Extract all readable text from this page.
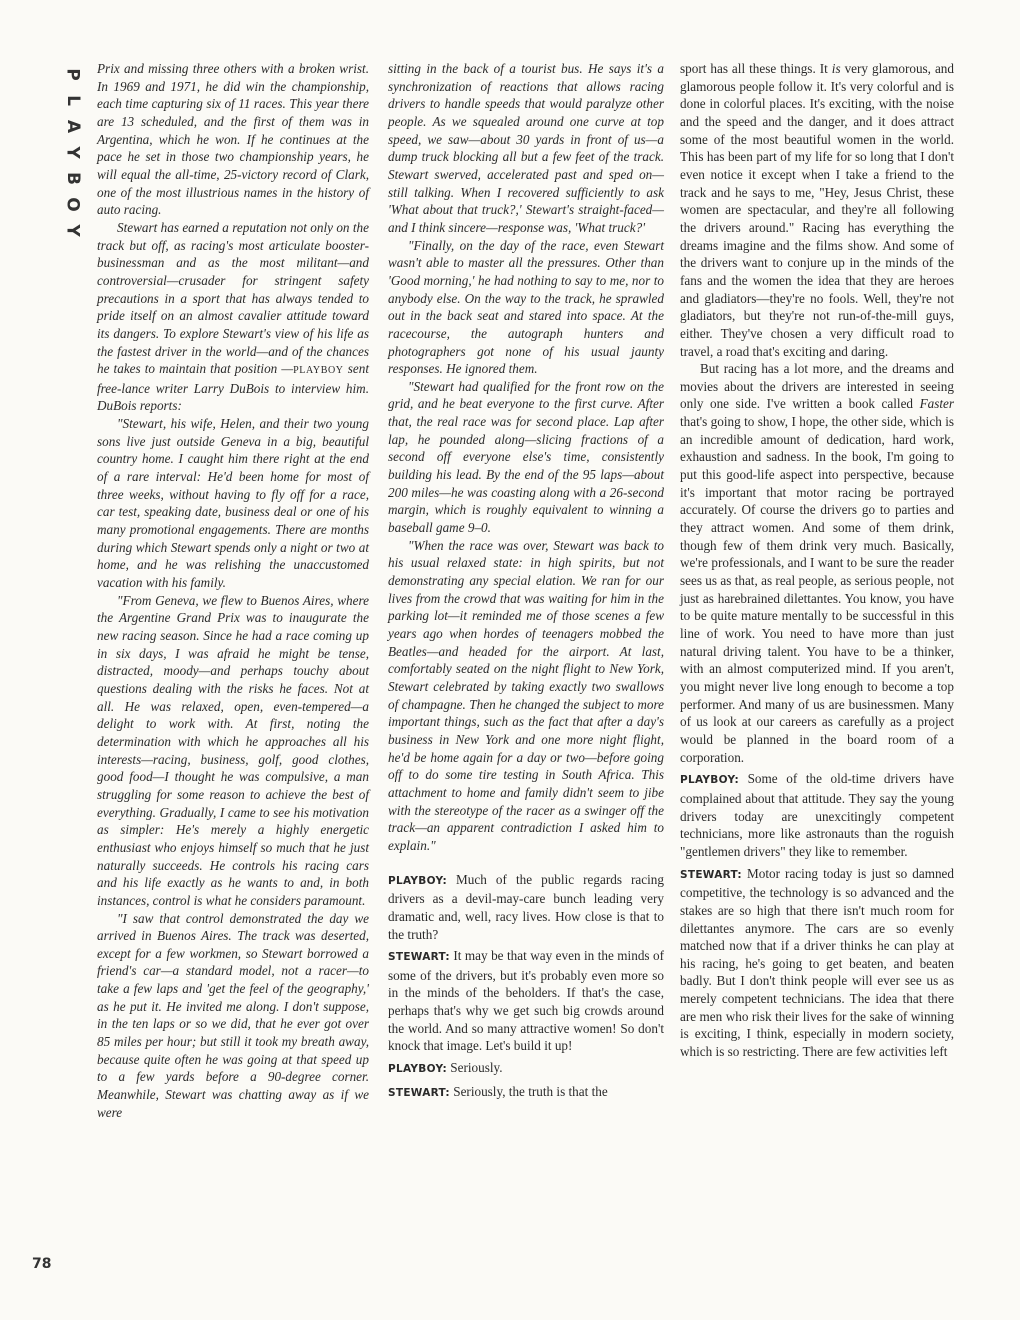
P
L
A
Y
B
O
Y
78

Prix and missing three others with a broken wrist. In 1969 and 1971, he did win the championship, each time capturing six of 11 races. This year there are 13 scheduled, and the first of them was in Argentina, which he won. If he continues at the pace he set in those two championship years, he will equal the all-time, 25-victory record of Clark, one of the most illustrious names in the history of auto racing.

Stewart has earned a reputation not only on the track but off, as racing's most articulate booster-businessman and as the most militant—and controversial—crusader for stringent safety precautions in a sport that has always tended to pride itself on an almost cavalier attitude toward its dangers. To explore Stewart's view of his life as the fastest driver in the world—and of the chances he takes to maintain that position —PLAYBOY sent free-lance writer Larry DuBois to interview him. DuBois reports:

"Stewart, his wife, Helen, and their two young sons live just outside Geneva in a big, beautiful country home. I caught him there right at the end of a rare interval: He'd been home for most of three weeks, without having to fly off for a race, car test, speaking date, business deal or one of his many promotional engagements. There are months during which Stewart spends only a night or two at home, and he was relishing the unaccustomed vacation with his family.

"From Geneva, we flew to Buenos Aires, where the Argentine Grand Prix was to inaugurate the new racing season. Since he had a race coming up in six days, I was afraid he might be tense, distracted, moody—and perhaps touchy about questions dealing with the risks he faces. Not at all. He was relaxed, open, even-tempered—a delight to work with. At first, noting the determination with which he approaches all his interests—racing, business, golf, good clothes, good food—I thought he was compulsive, a man struggling for some reason to achieve the best of everything. Gradually, I came to see his motivation as simpler: He's merely a highly energetic enthusiast who enjoys himself so much that he just naturally succeeds. He controls his racing cars and his life exactly as he wants to and, in both instances, control is what he considers paramount.

"I saw that control demonstrated the day we arrived in Buenos Aires. The track was deserted, except for a few workmen, so Stewart borrowed a friend's car—a standard model, not a racer—to take a few laps and 'get the feel of the geography,' as he put it. He invited me along. I don't suppose, in the ten laps or so we did, that he ever got over 85 miles per hour; but still it took my breath away, because quite often he was going at that speed up to a few yards before a 90-degree corner. Meanwhile, Stewart was chatting away as if we were

sitting in the back of a tourist bus. He says it's a synchronization of reactions that allows racing drivers to handle speeds that would paralyze other people. As we squealed around one curve at top speed, we saw—about 30 yards in front of us—a dump truck blocking all but a few feet of the track. Stewart swerved, accelerated past and sped on—still talking. When I recovered sufficiently to ask 'What about that truck?,' Stewart's straight-faced—and I think sincere—response was, 'What truck?'

"Finally, on the day of the race, even Stewart wasn't able to master all the pressures. Other than 'Good morning,' he had nothing to say to me, nor to anybody else. On the way to the track, he sprawled out in the back seat and stared into space. At the racecourse, the autograph hunters and photographers got none of his usual jaunty responses. He ignored them.

"Stewart had qualified for the front row on the grid, and he beat everyone to the first curve. After that, the real race was for second place. Lap after lap, he pounded along—slicing fractions of a second off everyone else's time, consistently building his lead. By the end of the 95 laps—about 200 miles—he was coasting along with a 26-second margin, which is roughly equivalent to winning a baseball game 9–0.

"When the race was over, Stewart was back to his usual relaxed state: in high spirits, but not demonstrating any special elation. We ran for our lives from the crowd that was waiting for him in the parking lot—it reminded me of those scenes a few years ago when hordes of teenagers mobbed the Beatles—and headed for the airport. At last, comfortably seated on the night flight to New York, Stewart celebrated by taking exactly two swallows of champagne. Then he changed the subject to more important things, such as the fact that after a day's business in New York and one more night flight, he'd be home again for a day or two—before going off to do some tire testing in South Africa. This attachment to home and family didn't seem to jibe with the stereotype of the racer as a swinger off the track—an apparent contradiction I asked him to explain."

PLAYBOY: Much of the public regards racing drivers as a devil-may-care bunch leading very dramatic and, well, racy lives. How close is that to the truth?

STEWART: It may be that way even in the minds of some of the drivers, but it's probably even more so in the minds of the beholders. If that's the case, perhaps that's why we get such big crowds around the world. And so many attractive women! So don't knock that image. Let's build it up!

PLAYBOY: Seriously.

STEWART: Seriously, the truth is that the

sport has all these things. It is very glamorous, and glamorous people follow it. It's very colorful and is done in colorful places. It's exciting, with the noise and the speed and the danger, and it does attract some of the most beautiful women in the world. This has been part of my life for so long that I don't even notice it except when I take a friend to the track and he says to me, "Hey, Jesus Christ, these women are spectacular, and they're all following the drivers around." Racing has everything the dreams imagine and the films show. And some of the drivers want to conjure up in the minds of the fans and the women the idea that they are heroes and gladiators—they're no fools. Well, they're not gladiators, but they're not run-of-the-mill guys, either. They've chosen a very difficult road to travel, a road that's exciting and daring.

But racing has a lot more, and the dreams and movies about the drivers are interested in seeing only one side. I've written a book called Faster that's going to show, I hope, the other side, which is an incredible amount of dedication, hard work, exhaustion and sadness. In the book, I'm going to put this good-life aspect into perspective, because it's important that motor racing be portrayed accurately. Of course the drivers go to parties and they attract women. And some of them drink, though few of them drink very much. Basically, we're professionals, and I want to be sure the reader sees us as that, as real people, as serious people, not just as harebrained dilettantes. You know, you have to be quite mature mentally to be successful in this line of work. You need to have more than just natural driving talent. You have to be a thinker, with an almost computerized mind. If you aren't, you might never live long enough to become a top performer. And many of us are businessmen. Many of us look at our careers as carefully as a project would be planned in the board room of a corporation.

PLAYBOY: Some of the old-time drivers have complained about that attitude. They say the young drivers today are unexcitingly competent technicians, more like astronauts than the roguish "gentlemen drivers" they like to remember.

STEWART: Motor racing today is just so damned competitive, the technology is so advanced and the stakes are so high that there isn't much room for dilettantes anymore. The cars are so evenly matched now that if a driver thinks he can play at his racing, he's going to get beaten, and beaten badly. But I don't think people will ever see us as merely competent technicians. The idea that there are men who risk their lives for the sake of winning is exciting, I think, especially in modern society, which is so restricting. There are few activities left
